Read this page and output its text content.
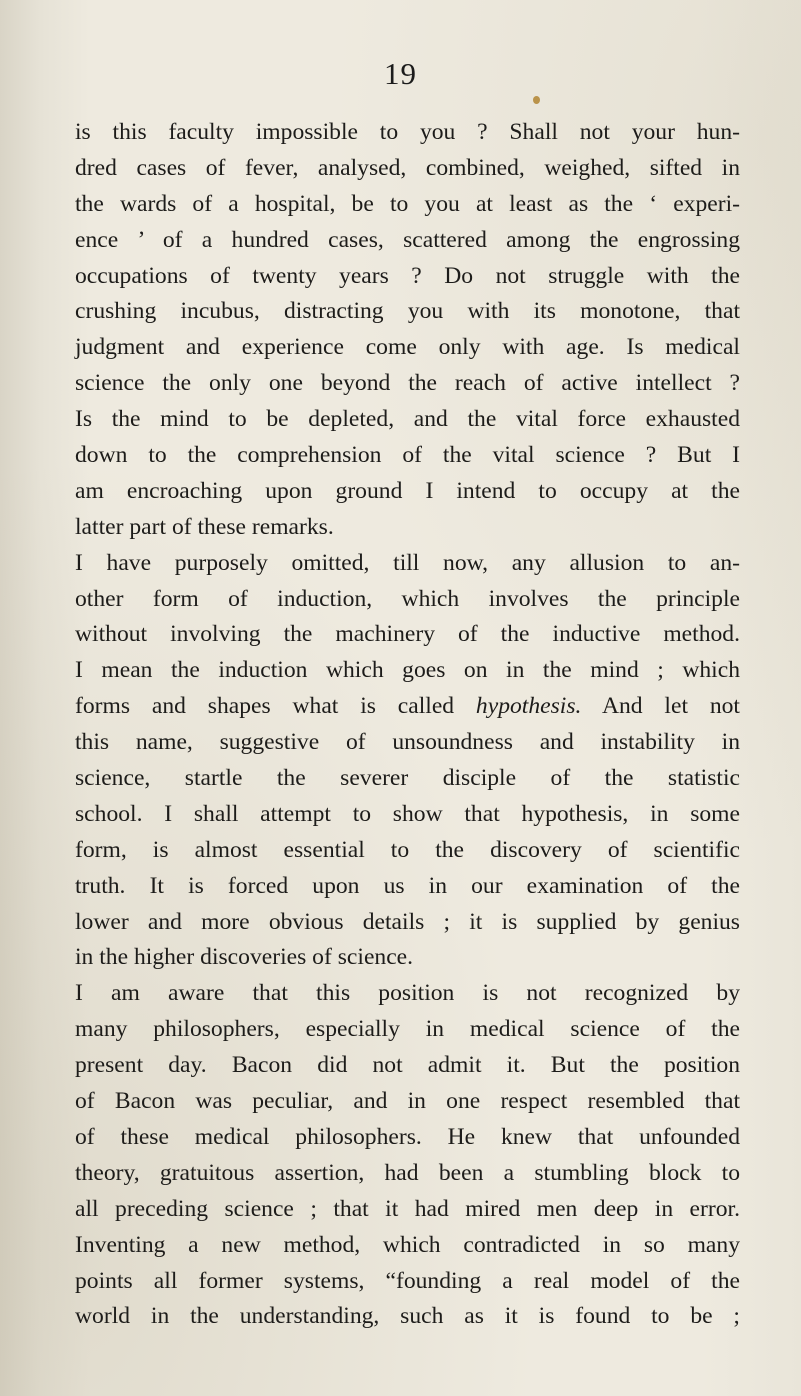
19
is this faculty impossible to you ? Shall not your hun-
dred cases of fever, analysed, combined, weighed, sifted in
the wards of a hospital, be to you at least as the ‘ experi-
ence ’ of a hundred cases, scattered among the engrossing
occupations of twenty years ? Do not struggle with the
crushing incubus, distracting you with its monotone, that
judgment and experience come only with age. Is medical
science the only one beyond the reach of active intellect ?
Is the mind to be depleted, and the vital force exhausted
down to the comprehension of the vital science ? But I
am encroaching upon ground I intend to occupy at the
latter part of these remarks.
I have purposely omitted, till now, any allusion to an-
other form of induction, which involves the principle
without involving the machinery of the inductive method.
I mean the induction which goes on in the mind ; which
forms and shapes what is called hypothesis. And let not
this name, suggestive of unsoundness and instability in
science, startle the severer disciple of the statistic
school. I shall attempt to show that hypothesis, in some
form, is almost essential to the discovery of scientific
truth. It is forced upon us in our examination of the
lower and more obvious details ; it is supplied by genius
in the higher discoveries of science.
I am aware that this position is not recognized by
many philosophers, especially in medical science of the
present day. Bacon did not admit it. But the position
of Bacon was peculiar, and in one respect resembled that
of these medical philosophers. He knew that unfounded
theory, gratuitous assertion, had been a stumbling block to
all preceding science ; that it had mired men deep in error.
Inventing a new method, which contradicted in so many
points all former systems, “founding a real model of the
world in the understanding, such as it is found to be ;
